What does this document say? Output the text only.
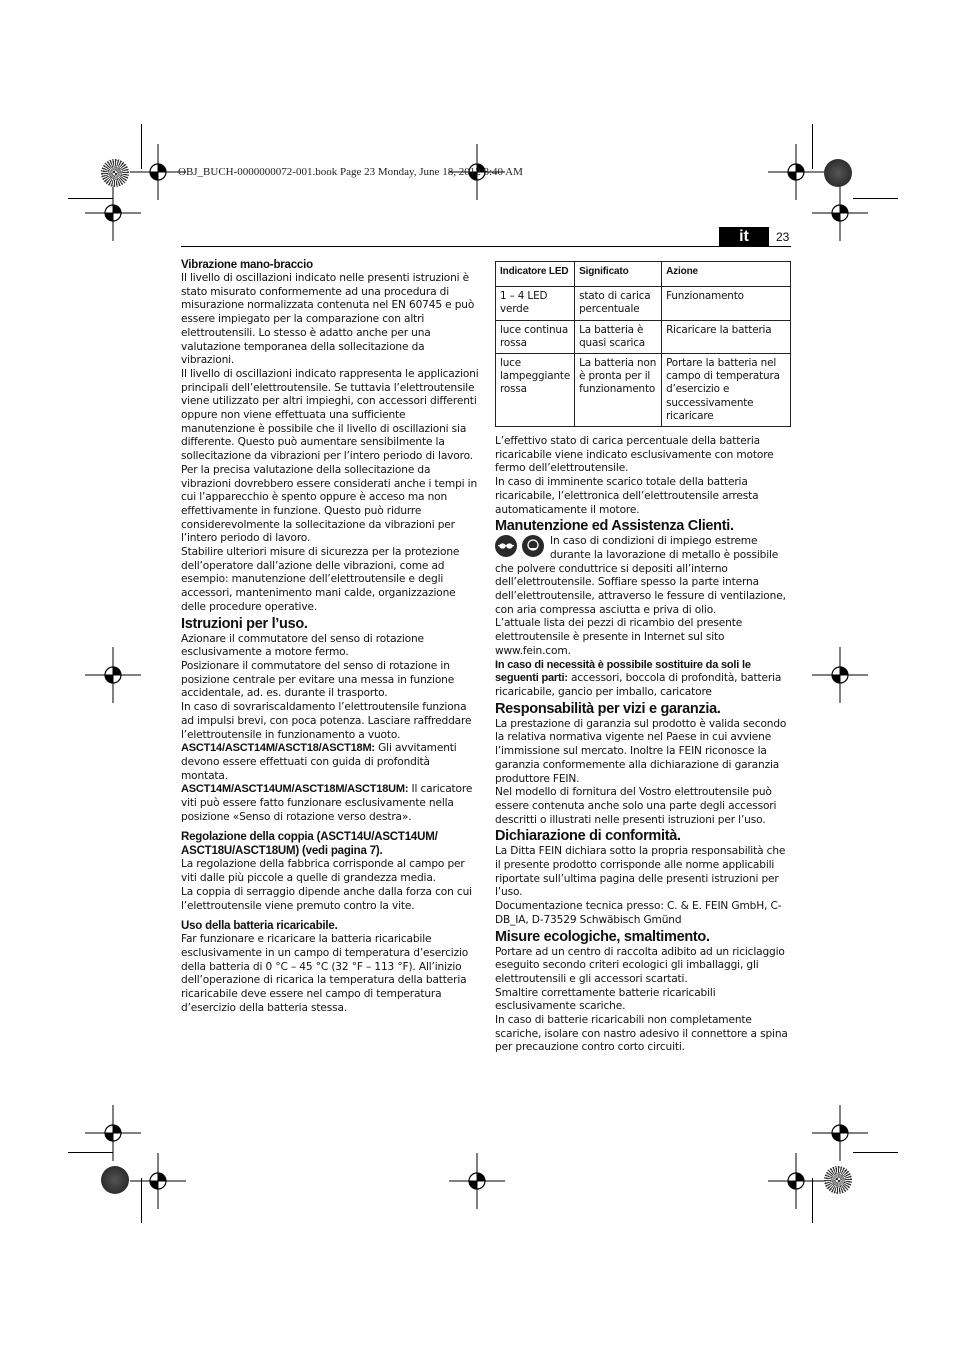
OBJ_BUCH-0000000072-001.book Page 23 Monday, June 18, 2012 8:40 AM
it	23

Vibrazione mano-braccio

Il livello di oscillazioni indicato nelle presenti istruzioni è stato misurato conformemente ad una procedura di misurazione normalizzata contenuta nel EN 60745 e può essere impiegato per la comparazione con altri elettroutensili. Lo stesso è adatto anche per una valutazione temporanea della sollecitazione da vibrazioni.

Il livello di oscillazioni indicato rappresenta le applicazioni principali dell’elettroutensile. Se tuttavia l’elettroutensile viene utilizzato per altri impieghi, con accessori differenti oppure non viene effettuata una sufficiente manutenzione è possibile che il livello di oscillazioni sia differente. Questo può aumentare sensibilmente la sollecitazione da vibrazioni per l’intero periodo di lavoro.

Per la precisa valutazione della sollecitazione da vibrazioni dovrebbero essere considerati anche i tempi in cui l’apparecchio è spento oppure è acceso ma non effettivamente in funzione. Questo può ridurre considerevolmente la sollecitazione da vibrazioni per l’intero periodo di lavoro.

Stabilire ulteriori misure di sicurezza per la protezione dell’operatore dall’azione delle vibrazioni, come ad esempio: manutenzione dell’elettroutensile e degli accessori, mantenimento mani calde, organizzazione delle procedure operative.

Istruzioni per l’uso.

Azionare il commutatore del senso di rotazione esclusivamente a motore fermo.

Posizionare il commutatore del senso di rotazione in posizione centrale per evitare una messa in funzione accidentale, ad. es. durante il trasporto.

In caso di sovrariscaldamento l’elettroutensile funziona ad impulsi brevi, con poca potenza. Lasciare raffreddare l’elettroutensile in funzionamento a vuoto.

ASCT14/ASCT14M/ASCT18/ASCT18M: Gli avvitamenti devono essere effettuati con guida di profondità montata.

ASCT14M/ASCT14UM/ASCT18M/ASCT18UM: Il caricatore viti può essere fatto funzionare esclusivamente nella posizione «Senso di rotazione verso destra».

Regolazione della coppia (ASCT14U/ASCT14UM/ ASCT18U/ASCT18UM) (vedi pagina 7).

La regolazione della fabbrica corrisponde al campo per viti dalle più piccole a quelle di grandezza media.

La coppia di serraggio dipende anche dalla forza con cui l’elettroutensile viene premuto contro la vite.

Uso della batteria ricaricabile.

Far funzionare e ricaricare la batteria ricaricabile esclusivamente in un campo di temperatura d’esercizio della batteria di 0 °C – 45 °C (32 °F – 113 °F). All’inizio dell’operazione di ricarica la temperatura della batteria ricaricabile deve essere nel campo di temperatura d’esercizio della batteria stessa.

Indicatore LED	Significato	Azione
1 – 4 LED verde	stato di carica percentuale	Funzionamento
luce continua rossa	La batteria è quasi scarica	Ricaricare la batteria
luce lampeggiante rossa	La batteria non è pronta per il funzionamento	Portare la batteria nel campo di temperatura d’esercizio e successivamente ricaricare

L’effettivo stato di carica percentuale della batteria ricaricabile viene indicato esclusivamente con motore fermo dell’elettroutensile.

In caso di imminente scarico totale della batteria ricaricabile, l’elettronica dell’elettroutensile arresta automaticamente il motore.

Manutenzione ed Assistenza Clienti.

In caso di condizioni di impiego estreme durante la lavorazione di metallo è possibile che polvere conduttrice si depositi all’interno dell’elettroutensile. Soffiare spesso la parte interna dell’elettroutensile, attraverso le fessure di ventilazione, con aria compressa asciutta e priva di olio.

L’attuale lista dei pezzi di ricambio del presente elettroutensile è presente in Internet sul sito www.fein.com.

In caso di necessità è possibile sostituire da soli le seguenti parti: accessori, boccola di profondità, batteria ricaricabile, gancio per imballo, caricatore

Responsabilità per vizi e garanzia.

La prestazione di garanzia sul prodotto è valida secondo la relativa normativa vigente nel Paese in cui avviene l’immissione sul mercato. Inoltre la FEIN riconosce la garanzia conformemente alla dichiarazione di garanzia produttore FEIN.

Nel modello di fornitura del Vostro elettroutensile può essere contenuta anche solo una parte degli accessori descritti o illustrati nelle presenti istruzioni per l’uso.

Dichiarazione di conformità.

La Ditta FEIN dichiara sotto la propria responsabilità che il presente prodotto corrisponde alle norme applicabili riportate sull’ultima pagina delle presenti istruzioni per l’uso.

Documentazione tecnica presso: C. & E. FEIN GmbH, C-DB_IA, D-73529 Schwäbisch Gmünd

Misure ecologiche, smaltimento.

Portare ad un centro di raccolta adibito ad un riciclaggio eseguito secondo criteri ecologici gli imballaggi, gli elettroutensili e gli accessori scartati.

Smaltire correttamente batterie ricaricabili esclusivamente scariche.

In caso di batterie ricaricabili non completamente scariche, isolare con nastro adesivo il connettore a spina per precauzione contro corto circuiti.
